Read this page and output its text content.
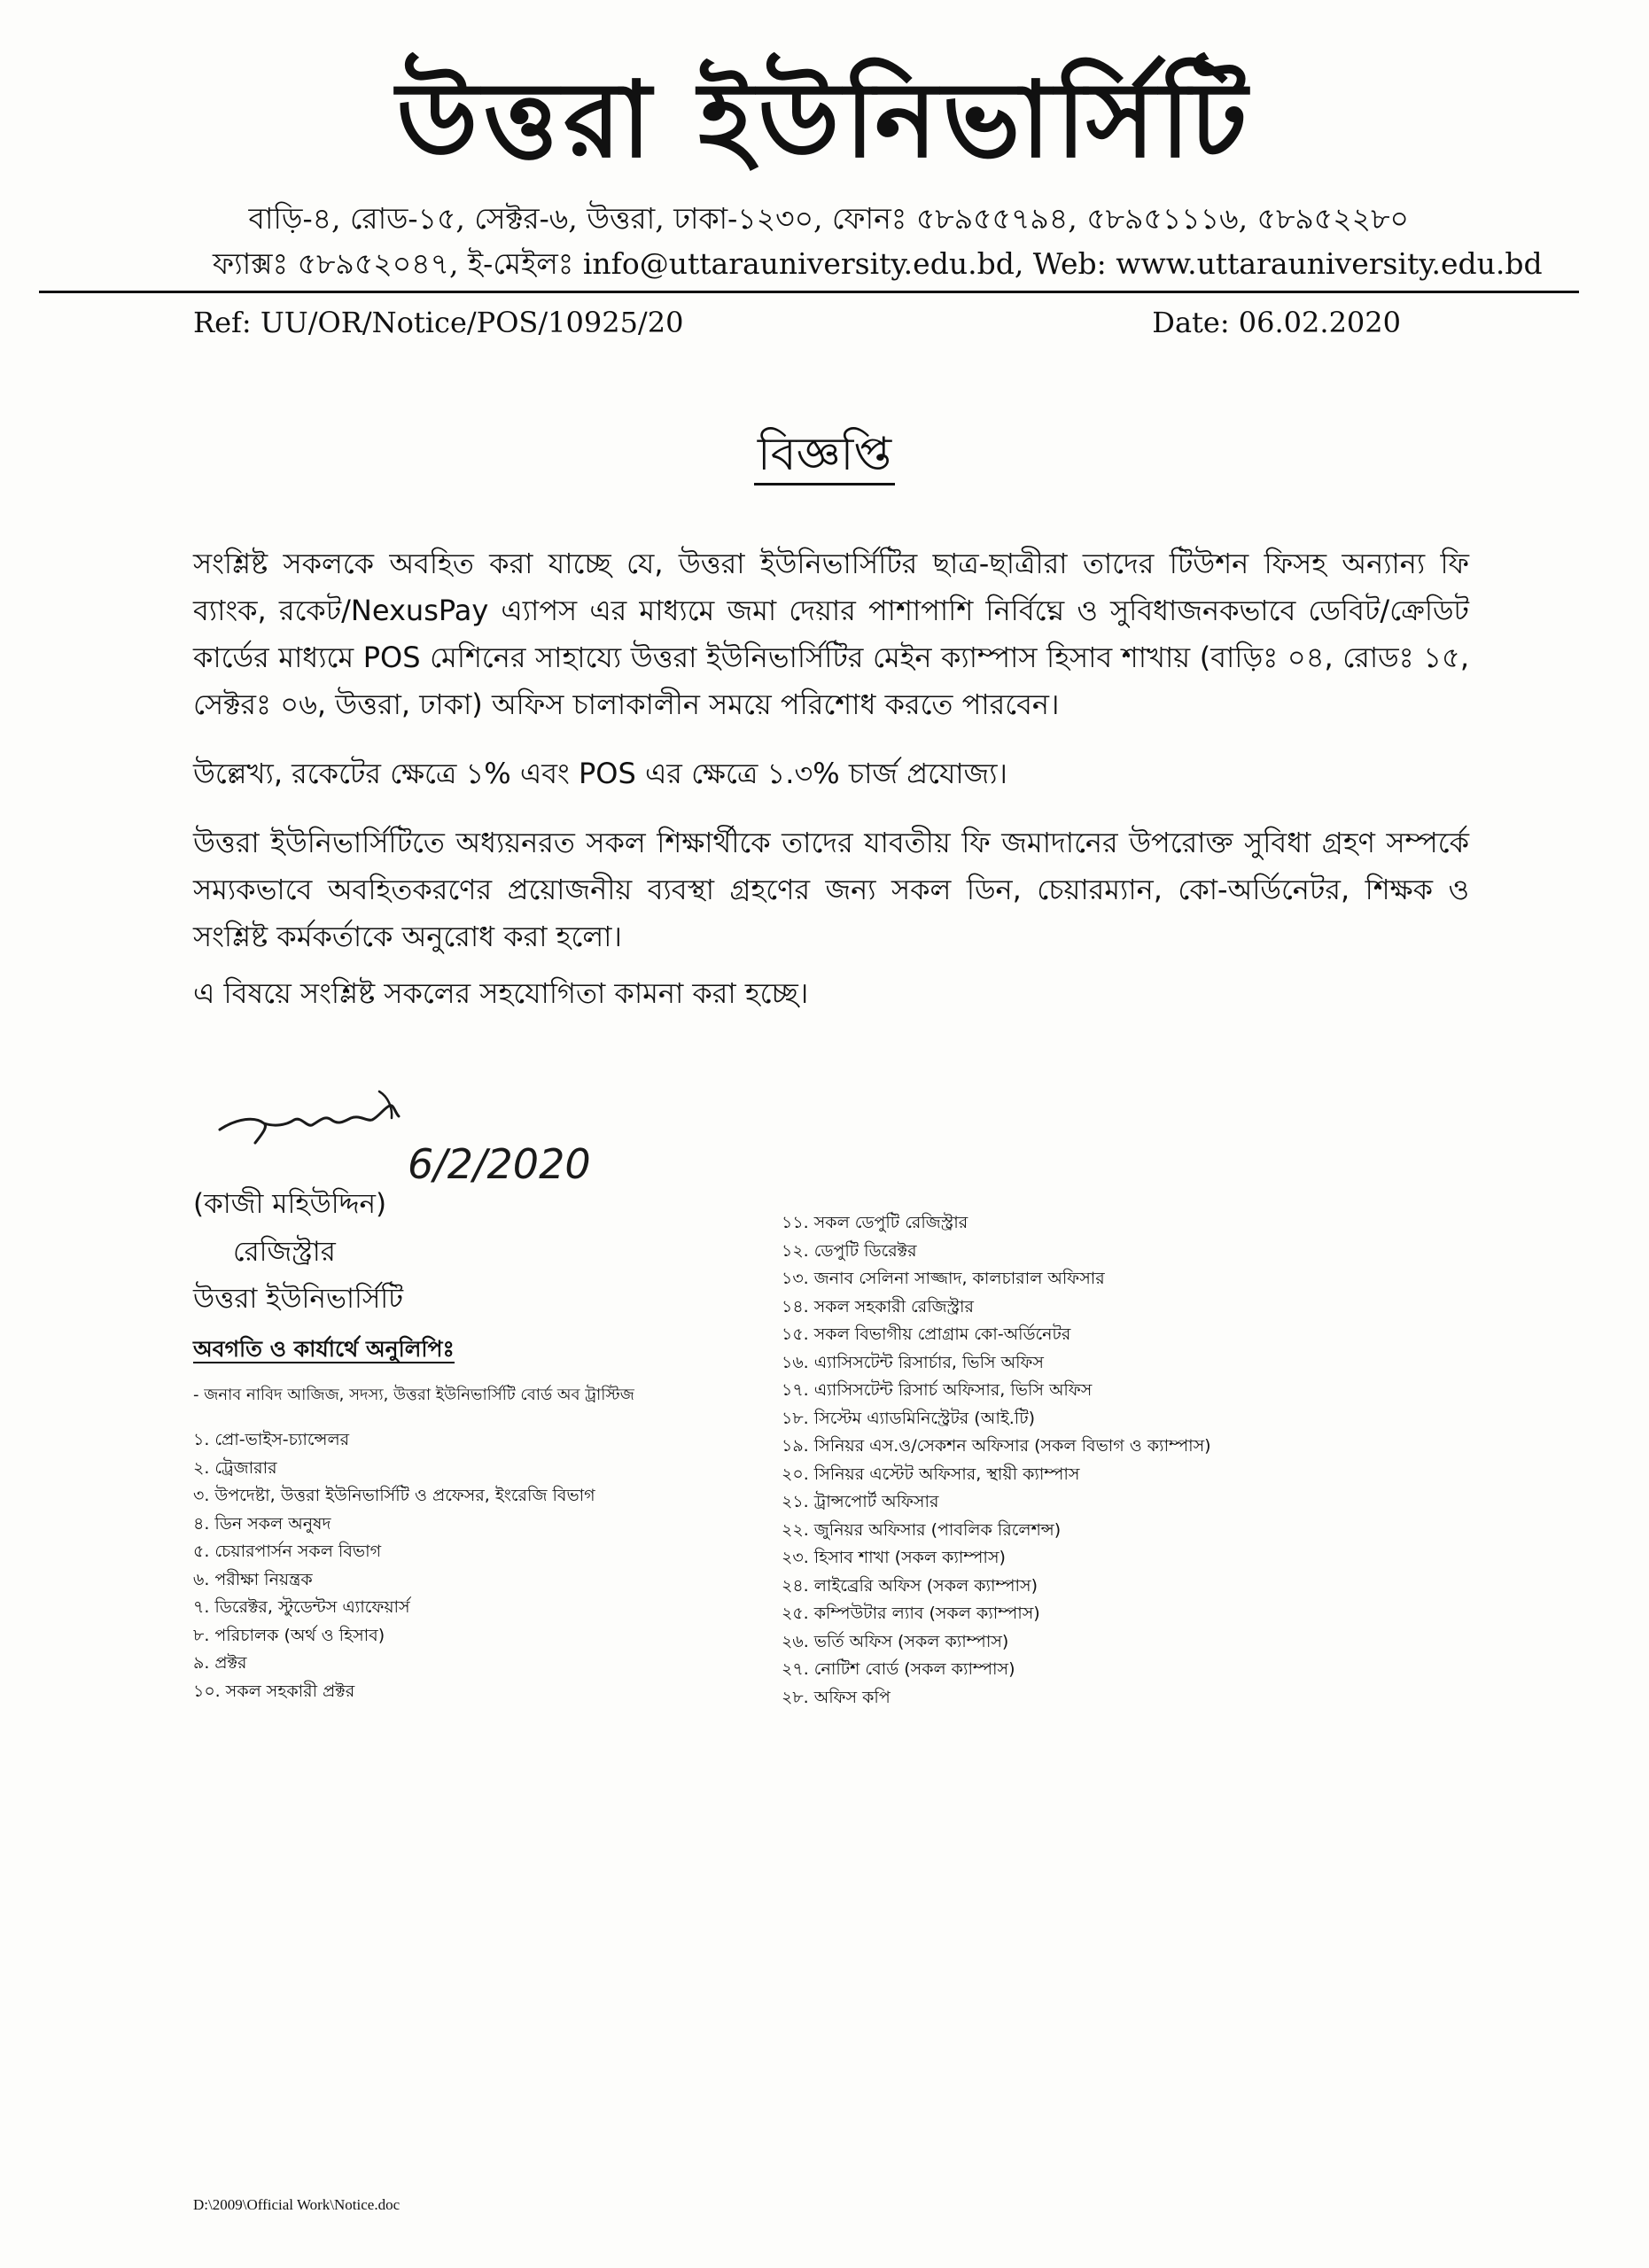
উত্তরা ইউনিভার্সিটি
বাড়ি-৪, রোড-১৫, সেক্টর-৬, উত্তরা, ঢাকা-১২৩০, ফোনঃ ৫৮৯৫৫৭৯৪, ৫৮৯৫১১১৬, ৫৮৯৫২২৮০
ফ্যাক্সঃ ৫৮৯৫২০৪৭, ই-মেইলঃ info@uttarauniversity.edu.bd, Web: www.uttarauniversity.edu.bd
Ref: UU/OR/Notice/POS/10925/20	Date: 06.02.2020
বিজ্ঞপ্তি
সংশ্লিষ্ট সকলকে অবহিত করা যাচ্ছে যে, উত্তরা ইউনিভার্সিটির ছাত্র-ছাত্রীরা তাদের টিউশন ফিসহ অন্যান্য ফি ব্যাংক, রকেট/NexusPay এ্যাপস এর মাধ্যমে জমা দেয়ার পাশাপাশি নির্বিঘ্নে ও সুবিধাজনকভাবে ডেবিট/ক্রেডিট কার্ডের মাধ্যমে POS মেশিনের সাহায্যে উত্তরা ইউনিভার্সিটির মেইন ক্যাম্পাস হিসাব শাখায় (বাড়িঃ ০৪, রোডঃ ১৫, সেক্টরঃ ০৬, উত্তরা, ঢাকা) অফিস চালাকালীন সময়ে পরিশোধ করতে পারবেন।
উল্লেখ্য, রকেটের ক্ষেত্রে ১% এবং POS এর ক্ষেত্রে ১.৩% চার্জ প্রযোজ্য।
উত্তরা ইউনিভার্সিটিতে অধ্যয়নরত সকল শিক্ষার্থীকে তাদের যাবতীয় ফি জমাদানের উপরোক্ত সুবিধা গ্রহণ সম্পর্কে সম্যকভাবে অবহিতকরণের প্রয়োজনীয় ব্যবস্থা গ্রহণের জন্য সকল ডিন, চেয়ারম্যান, কো-অর্ডিনেটর, শিক্ষক ও সংশ্লিষ্ট কর্মকর্তাকে অনুরোধ করা হলো।
এ বিষয়ে সংশ্লিষ্ট সকলের সহযোগিতা কামনা করা হচ্ছে।
6/2/2020
(কাজী মহিউদ্দিন)
রেজিস্ট্রার
উত্তরা ইউনিভার্সিটি
অবগতি ও কার্যার্থে অনুলিপিঃ
- জনাব নাবিদ আজিজ, সদস্য, উত্তরা ইউনিভার্সিটি বোর্ড অব ট্রাস্টিজ
১. প্রো-ভাইস-চ্যান্সেলর
২. ট্রেজারার
৩. উপদেষ্টা, উত্তরা ইউনিভার্সিটি ও প্রফেসর, ইংরেজি বিভাগ
৪. ডিন সকল অনুষদ
৫. চেয়ারপার্সন সকল বিভাগ
৬. পরীক্ষা নিয়ন্ত্রক
৭. ডিরেক্টর, স্টুডেন্টস এ্যাফেয়ার্স
৮. পরিচালক (অর্থ ও হিসাব)
৯. প্রক্টর
১০. সকল সহকারী প্রক্টর
১১. সকল ডেপুটি রেজিস্ট্রার
১২. ডেপুটি ডিরেক্টর
১৩. জনাব সেলিনা সাজ্জাদ, কালচারাল অফিসার
১৪. সকল সহকারী রেজিস্ট্রার
১৫. সকল বিভাগীয় প্রোগ্রাম কো-অর্ডিনেটর
১৬. এ্যাসিসটেন্ট রিসার্চার, ভিসি অফিস
১৭. এ্যাসিসটেন্ট রিসার্চ অফিসার, ভিসি অফিস
১৮. সিস্টেম এ্যাডমিনিস্ট্রেটর (আই.টি)
১৯. সিনিয়র এস.ও/সেকশন অফিসার (সকল বিভাগ ও ক্যাম্পাস)
২০. সিনিয়র এস্টেট অফিসার, স্থায়ী ক্যাম্পাস
২১. ট্রান্সপোর্ট অফিসার
২২. জুনিয়র অফিসার (পাবলিক রিলেশন্স)
২৩. হিসাব শাখা (সকল ক্যাম্পাস)
২৪. লাইব্রেরি অফিস (সকল ক্যাম্পাস)
২৫. কম্পিউটার ল্যাব (সকল ক্যাম্পাস)
২৬. ভর্তি অফিস (সকল ক্যাম্পাস)
২৭. নোটিশ বোর্ড (সকল ক্যাম্পাস)
২৮. অফিস কপি
D:\2009\Official Work\Notice.doc
